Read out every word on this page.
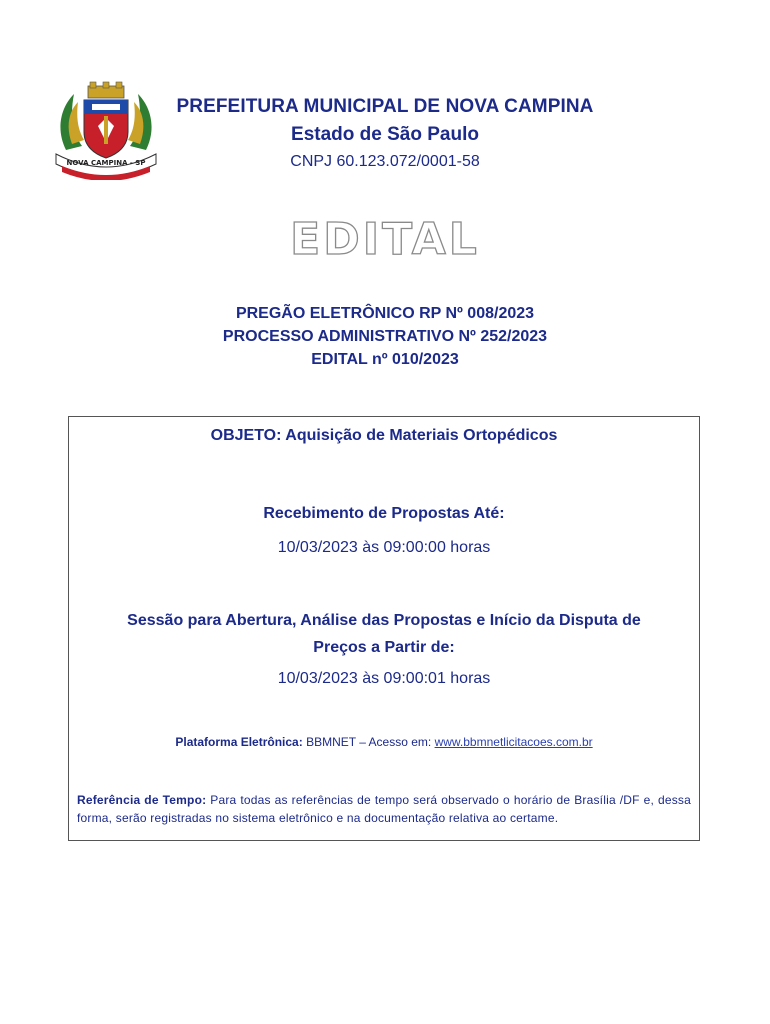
NOVA CAMPINA - SP
PREFEITURA MUNICIPAL DE NOVA CAMPINA
Estado de São Paulo
CNPJ 60.123.072/0001-58
EDITAL
PREGÃO ELETRÔNICO RP Nº 008/2023
PROCESSO ADMINISTRATIVO Nº 252/2023
EDITAL nº 010/2023
OBJETO: Aquisição de Materiais Ortopédicos
Recebimento de Propostas Até:
10/03/2023 às 09:00:00 horas
Sessão para Abertura, Análise das Propostas e Início da Disputa de
Preços a Partir de:
10/03/2023 às 09:00:01 horas
Plataforma Eletrônica: BBMNET – Acesso em: www.bbmnetlicitacoes.com.br
Referência de Tempo: Para todas as referências de tempo será observado o horário de Brasília /DF e, dessa forma, serão registradas no sistema eletrônico e na documentação relativa ao certame.
